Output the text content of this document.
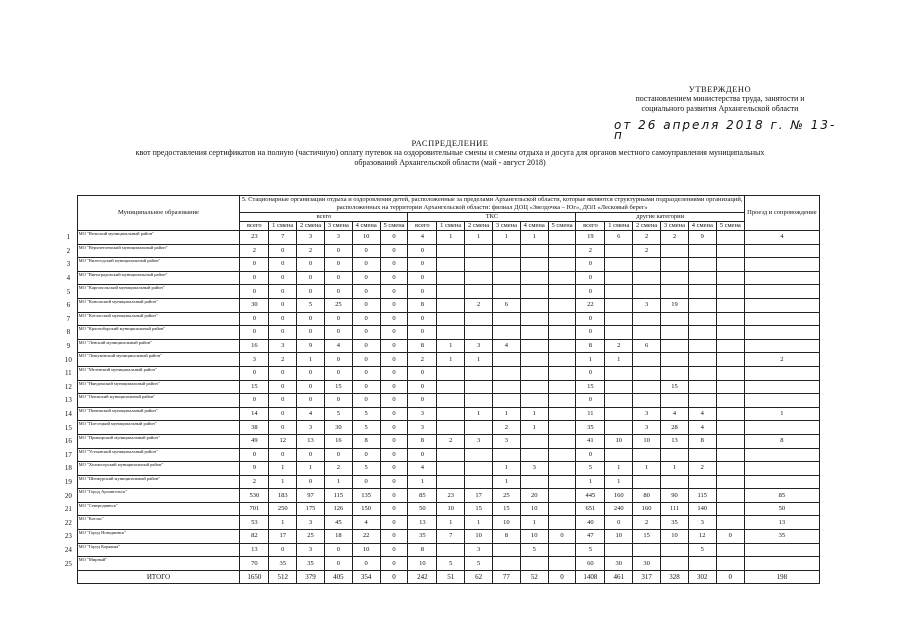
УТВЕРЖДЕНО
постановлением министерства труда, занятости и
социального развития Архангельской области
от 26 апреля 2018 г. № 13-п
РАСПРЕДЕЛЕНИЕ
квот предоставления сертификатов на полную (частичную) оплату путевок на оздоровительные смены и смены отдыха и досуга для органов местного самоуправления муниципальных
образований Архангельской области (май - август 2018)
	Муниципальное образование	5. Стационарные организации отдыха и оздоровления детей, расположенные за пределами Архангельской области, которые являются структурными подразделениями организаций, расположенных на территории Архангельской области: филиал ДОЦ «Звездочка – Юг», ДОЛ «Лесковый берег»																		Проезд и сопровождение
		всего						ТКС						другие категории						
		всего	1 смена	2 смена	3 смена	4 смена	5 смена	всего	1 смена	2 смена	3 смена	4 смена	5 смена	всего	1 смена	2 смена	3 смена	4 смена	5 смена	
1	МО "Вельский муниципальный район"	23	7	3	3	10	0	4	1	1	1	1		19	6	2	2	9		4
2	МО "Верхнетоемский муниципальный район"	2	0	2	0	0	0	0						2		2				
3	МО "Вилегодский муниципальный район"	0	0	0	0	0	0	0						0						
4	МО "Виноградовский муниципальный район"	0	0	0	0	0	0	0						0						
5	МО "Каргопольский муниципальный район"	0	0	0	0	0	0	0						0						
6	МО "Коношский муниципальный район"	30	0	5	25	0	0	8		2	6			22		3	19			
7	МО "Котласский муниципальный район"	0	0	0	0	0	0	0						0						
8	МО "Красноборский муниципальный район"	0	0	0	0	0	0	0						0						
9	МО "Ленский муниципальный район"	16	3	9	4	0	0	8	1	3	4			8	2	6				
10	МО "Лешуконский муниципальный район"	3	2	1	0	0	0	2	1	1				1	1					2
11	МО "Мезенский муниципальный район"	0	0	0	0	0	0	0						0						
12	МО "Няндомский муниципальный район"	15	0	0	15	0	0	0						15			15			
13	МО "Онежский муниципальный район"	0	0	0	0	0	0	0						0						
14	МО "Пинежский муниципальный район"	14	0	4	5	5	0	3		1	1	1		11		3	4	4		1
15	МО "Плесецкий муниципальный район"	38	0	3	30	5	0	3			2	1		35		3	28	4		
16	МО "Приморский муниципальный район"	49	12	13	16	8	0	8	2	3	3			41	10	10	13	8		8
17	МО "Устьянский муниципальный район"	0	0	0	0	0	0	0						0						
18	МО "Холмогорский муниципальный район"	9	1	1	2	5	0	4			1	3		5	1	1	1	2		
19	МО "Шенкурский муниципальный район"	2	1	0	1	0	0	1			1			1	1					
20	МО "Город Архангельск"	530	183	97	115	135	0	85	23	17	25	20		445	160	80	90	115		85
21	МО "Северодвинск"	701	250	175	126	150	0	50	10	15	15	10		651	240	160	111	140		50
22	МО "Котлас"	53	1	3	45	4	0	13	1	1	10	1		40	0	2	35	3		13
23	МО "Город Новодвинск"	82	17	25	18	22	0	35	7	10	8	10	0	47	10	15	10	12	0	35
24	МО "Город Коряжма"	13	0	3	0	10	0	8		3		5		5				5		
25	МО "Мирный"	70	35	35	0	0	0	10	5	5				60	30	30				
	ИТОГО	1650	512	379	405	354	0	242	51	62	77	52	0	1408	461	317	328	302	0	198
